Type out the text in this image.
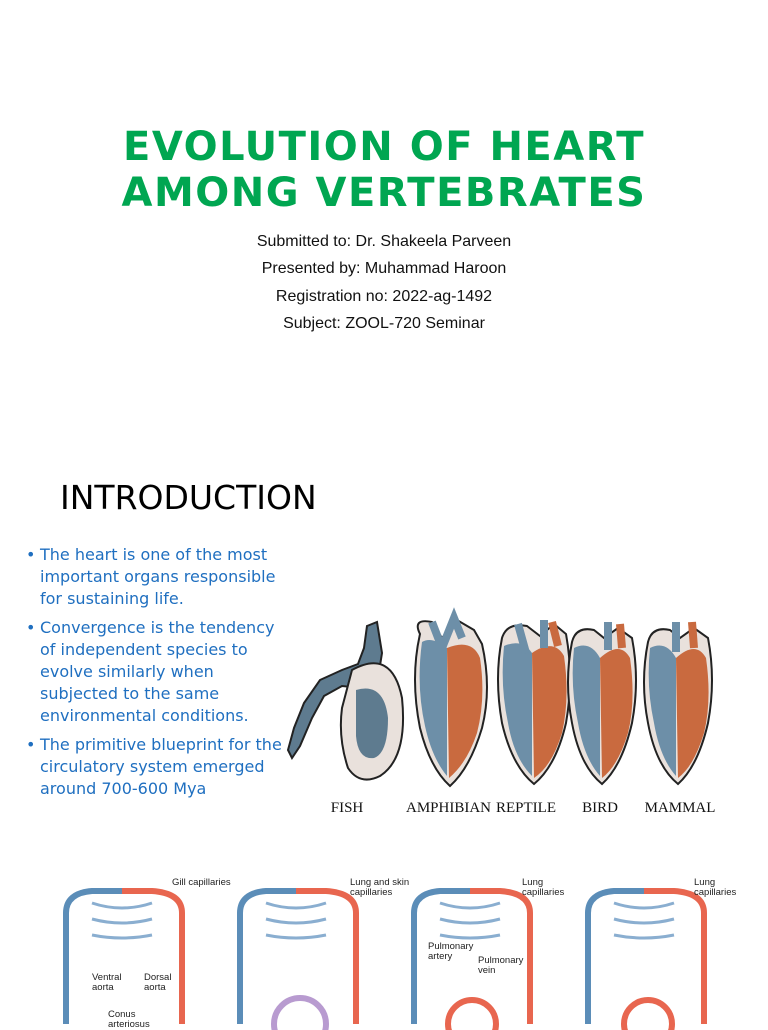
EVOLUTION OF HEART
AMONG VERTEBRATES
Submitted to: Dr. Shakeela Parveen
Presented by: Muhammad Haroon
Registration no: 2022-ag-1492
Subject: ZOOL-720 Seminar
INTRODUCTION
• The heart is one of the most important organs responsible for sustaining life.
• Convergence is the tendency of independent species to evolve similarly when subjected to the same environmental conditions.
• The primitive blueprint for the circulatory system emerged around 700-600 Mya
FISH	AMPHIBIAN REPTILE	BIRD	MAMMAL
Gill capillaries	Lung and skin capillaries
Lung capillaries
Lung capillaries
Ventral aorta
Dorsal aorta
Conus arteriosus
Pulmonary artery	Pulmonary vein
